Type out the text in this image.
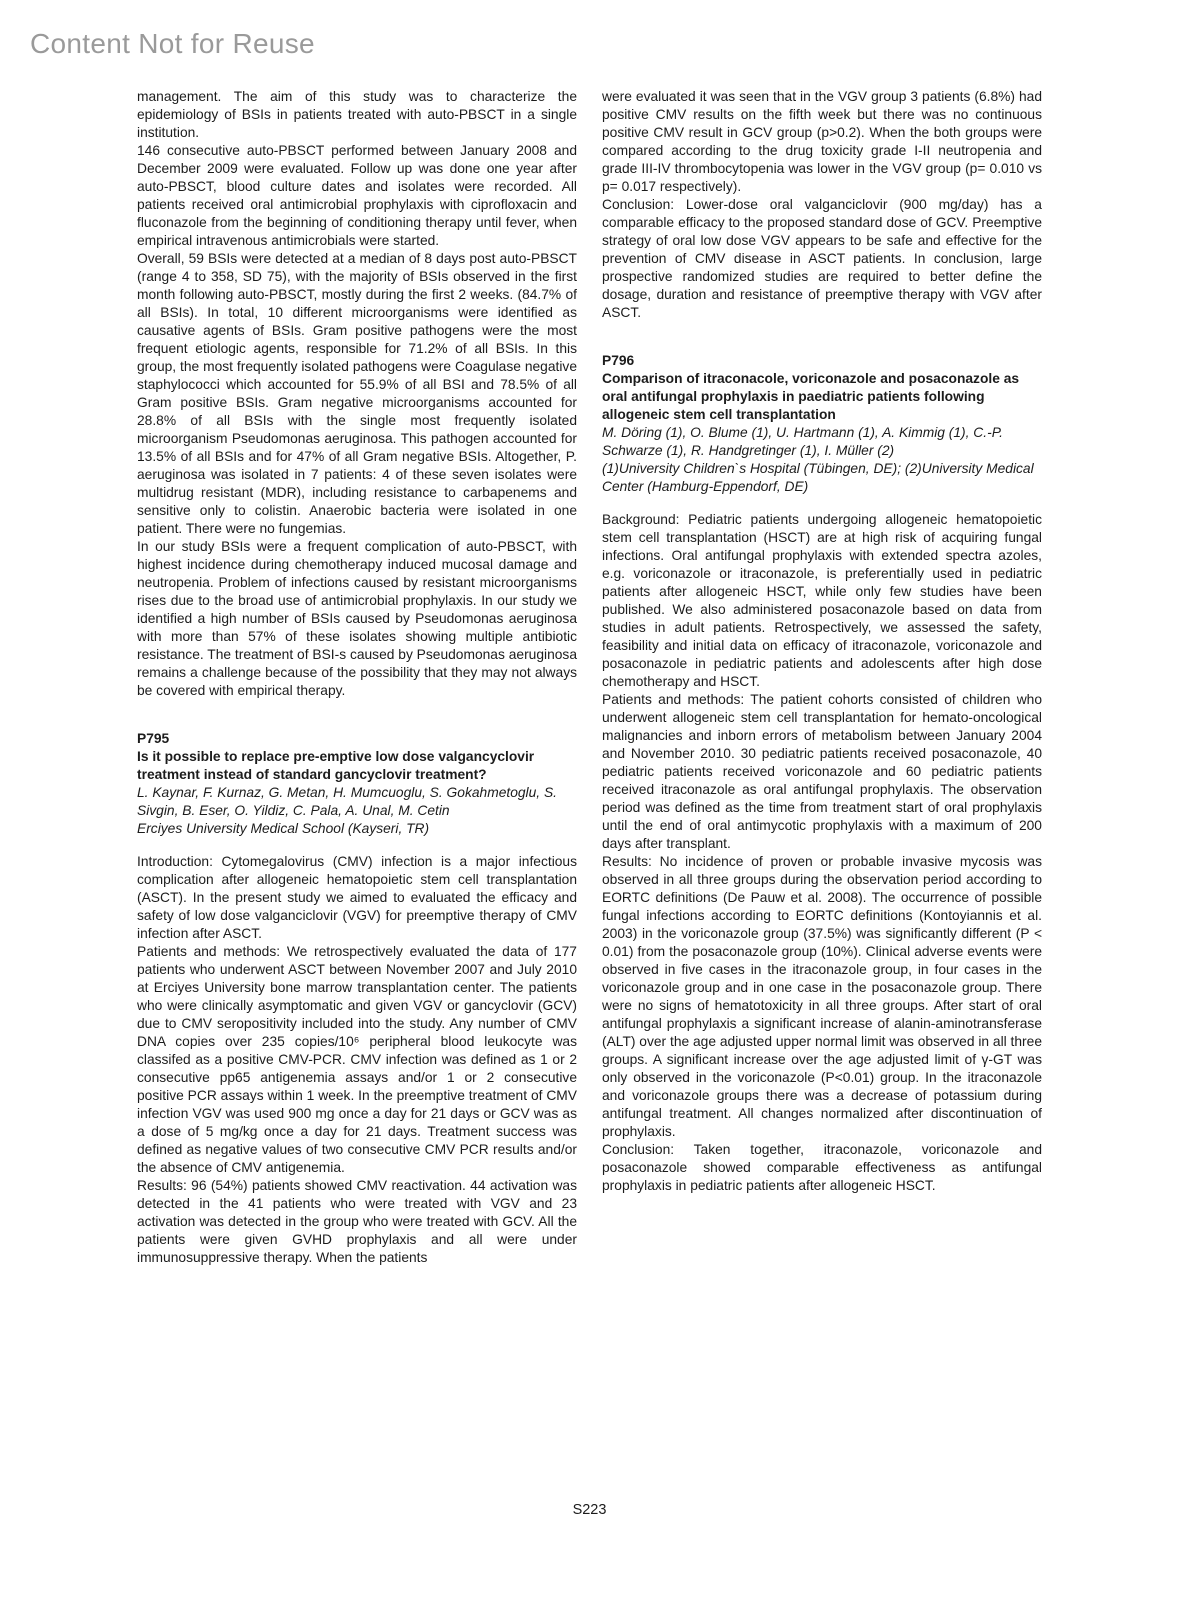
Content Not for Reuse
management. The aim of this study was to characterize the epidemiology of BSIs in patients treated with auto-PBSCT in a single institution.
146 consecutive auto-PBSCT performed between January 2008 and December 2009 were evaluated. Follow up was done one year after auto-PBSCT, blood culture dates and isolates were recorded. All patients received oral antimicrobial prophylaxis with ciprofloxacin and fluconazole from the beginning of conditioning therapy until fever, when empirical intravenous antimicrobials were started.
Overall, 59 BSIs were detected at a median of 8 days post auto-PBSCT (range 4 to 358, SD 75), with the majority of BSIs observed in the first month following auto-PBSCT, mostly during the first 2 weeks. (84.7% of all BSIs). In total, 10 different microorganisms were identified as causative agents of BSIs. Gram positive pathogens were the most frequent etiologic agents, responsible for 71.2% of all BSIs. In this group, the most frequently isolated pathogens were Coagulase negative staphylococci which accounted for 55.9% of all BSI and 78.5% of all Gram positive BSIs. Gram negative microorganisms accounted for 28.8% of all BSIs with the single most frequently isolated microorganism Pseudomonas aeruginosa. This pathogen accounted for 13.5% of all BSIs and for 47% of all Gram negative BSIs. Altogether, P. aeruginosa was isolated in 7 patients: 4 of these seven isolates were multidrug resistant (MDR), including resistance to carbapenems and sensitive only to colistin. Anaerobic bacteria were isolated in one patient. There were no fungemias.
In our study BSIs were a frequent complication of auto-PBSCT, with highest incidence during chemotherapy induced mucosal damage and neutropenia. Problem of infections caused by resistant microorganisms rises due to the broad use of antimicrobial prophylaxis. In our study we identified a high number of BSIs caused by Pseudomonas aeruginosa with more than 57% of these isolates showing multiple antibiotic resistance. The treatment of BSI-s caused by Pseudomonas aeruginosa remains a challenge because of the possibility that they may not always be covered with empirical therapy.
P795
Is it possible to replace pre-emptive low dose valgancyclovir treatment instead of standard gancyclovir treatment?
L. Kaynar, F. Kurnaz, G. Metan, H. Mumcuoglu, S. Gokahmetoglu, S. Sivgin, B. Eser, O. Yildiz, C. Pala, A. Unal, M. Cetin
Erciyes University Medical School (Kayseri, TR)
Introduction: Cytomegalovirus (CMV) infection is a major infectious complication after allogeneic hematopoietic stem cell transplantation (ASCT). In the present study we aimed to evaluated the efficacy and safety of low dose valganciclovir (VGV) for preemptive therapy of CMV infection after ASCT.
Patients and methods: We retrospectively evaluated the data of 177 patients who underwent ASCT between November 2007 and July 2010 at Erciyes University bone marrow transplantation center. The patients who were clinically asymptomatic and given VGV or gancyclovir (GCV) due to CMV seropositivity included into the study. Any number of CMV DNA copies over 235 copies/10⁶ peripheral blood leukocyte was classifed as a positive CMV-PCR. CMV infection was defined as 1 or 2 consecutive pp65 antigenemia assays and/or 1 or 2 consecutive positive PCR assays within 1 week. In the preemptive treatment of CMV infection VGV was used 900 mg once a day for 21 days or GCV was as a dose of 5 mg/kg once a day for 21 days. Treatment success was defined as negative values of two consecutive CMV PCR results and/or the absence of CMV antigenemia.
Results: 96 (54%) patients showed CMV reactivation. 44 activation was detected in the 41 patients who were treated with VGV and 23 activation was detected in the group who were treated with GCV. All the patients were given GVHD prophylaxis and all were under immunosuppressive therapy. When the patients
were evaluated it was seen that in the VGV group 3 patients (6.8%) had positive CMV results on the fifth week but there was no continuous positive CMV result in GCV group (p>0.2). When the both groups were compared according to the drug toxicity grade I-II neutropenia and grade III-IV thrombocytopenia was lower in the VGV group (p= 0.010 vs p= 0.017 respectively).
Conclusion: Lower-dose oral valganciclovir (900 mg/day) has a comparable efficacy to the proposed standard dose of GCV. Preemptive strategy of oral low dose VGV appears to be safe and effective for the prevention of CMV disease in ASCT patients. In conclusion, large prospective randomized studies are required to better define the dosage, duration and resistance of preemptive therapy with VGV after ASCT.
P796
Comparison of itraconacole, voriconazole and posaconazole as oral antifungal prophylaxis in paediatric patients following allogeneic stem cell transplantation
M. Döring (1), O. Blume (1), U. Hartmann (1), A. Kimmig (1), C.-P. Schwarze (1), R. Handgretinger (1), I. Müller (2)
(1)University Children`s Hospital (Tübingen, DE); (2)University Medical Center (Hamburg-Eppendorf, DE)
Background: Pediatric patients undergoing allogeneic hematopoietic stem cell transplantation (HSCT) are at high risk of acquiring fungal infections. Oral antifungal prophylaxis with extended spectra azoles, e.g. voriconazole or itraconazole, is preferentially used in pediatric patients after allogeneic HSCT, while only few studies have been published. We also administered posaconazole based on data from studies in adult patients. Retrospectively, we assessed the safety, feasibility and initial data on efficacy of itraconazole, voriconazole and posaconazole in pediatric patients and adolescents after high dose chemotherapy and HSCT.
Patients and methods: The patient cohorts consisted of children who underwent allogeneic stem cell transplantation for hemato-oncological malignancies and inborn errors of metabolism between January 2004 and November 2010. 30 pediatric patients received posaconazole, 40 pediatric patients received voriconazole and 60 pediatric patients received itraconazole as oral antifungal prophylaxis. The observation period was defined as the time from treatment start of oral prophylaxis until the end of oral antimycotic prophylaxis with a maximum of 200 days after transplant.
Results: No incidence of proven or probable invasive mycosis was observed in all three groups during the observation period according to EORTC definitions (De Pauw et al. 2008). The occurrence of possible fungal infections according to EORTC definitions (Kontoyiannis et al. 2003) in the voriconazole group (37.5%) was significantly different (P < 0.01) from the posaconazole group (10%). Clinical adverse events were observed in five cases in the itraconazole group, in four cases in the voriconazole group and in one case in the posaconazole group. There were no signs of hematotoxicity in all three groups. After start of oral antifungal prophylaxis a significant increase of alanin-aminotransferase (ALT) over the age adjusted upper normal limit was observed in all three groups. A significant increase over the age adjusted limit of γ-GT was only observed in the voriconazole (P<0.01) group. In the itraconazole and voriconazole groups there was a decrease of potassium during antifungal treatment. All changes normalized after discontinuation of prophylaxis.
Conclusion: Taken together, itraconazole, voriconazole and posaconazole showed comparable effectiveness as antifungal prophylaxis in pediatric patients after allogeneic HSCT.
S223
